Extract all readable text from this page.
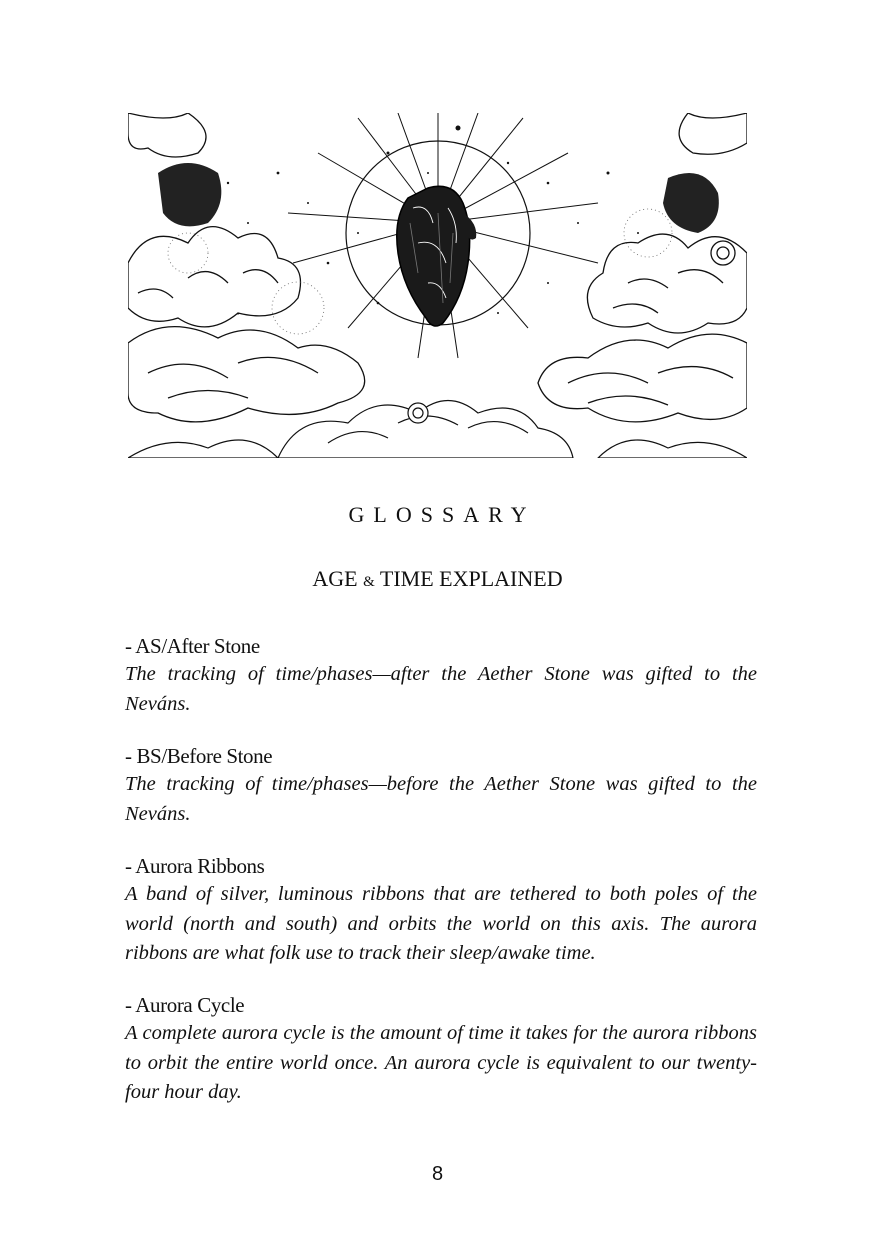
GLOSSARY
AGE & TIME EXPLAINED

- AS/After Stone

The tracking of time/phases—after the Aether Stone was gifted to the Neváns.

- BS/Before Stone

The tracking of time/phases—before the Aether Stone was gifted to the Neváns.

- Aurora Ribbons

A band of silver, luminous ribbons that are tethered to both poles of the world (north and south) and orbits the world on this axis. The aurora ribbons are what folk use to track their sleep/awake time.

- Aurora Cycle

A complete aurora cycle is the amount of time it takes for the aurora ribbons to orbit the entire world once. An aurora cycle is equivalent to our twenty-four hour day.

8
